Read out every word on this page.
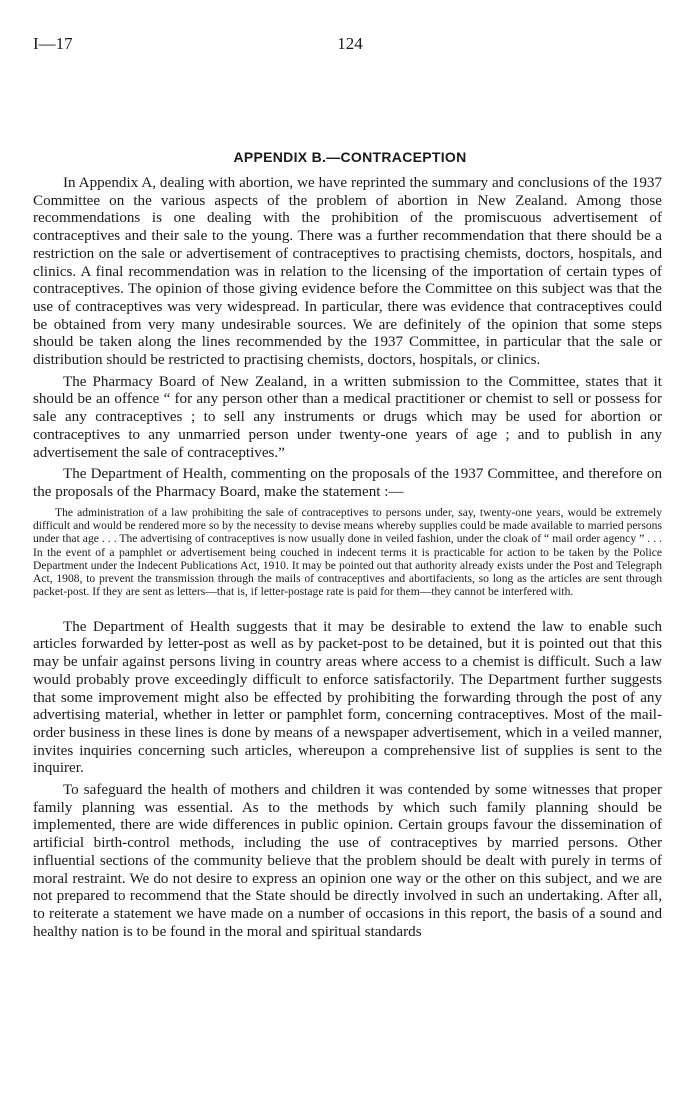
I—17	124
APPENDIX B.—CONTRACEPTION

In Appendix A, dealing with abortion, we have reprinted the summary and conclusions of the 1937 Committee on the various aspects of the problem of abortion in New Zealand. Among those recommendations is one dealing with the prohibition of the promiscuous advertisement of contraceptives and their sale to the young. There was a further recommendation that there should be a restriction on the sale or advertisement of contraceptives to practising chemists, doctors, hospitals, and clinics. A final recommendation was in relation to the licensing of the importation of certain types of contraceptives. The opinion of those giving evidence before the Committee on this subject was that the use of contraceptives was very widespread. In particular, there was evidence that contraceptives could be obtained from very many undesirable sources. We are definitely of the opinion that some steps should be taken along the lines recommended by the 1937 Committee, in particular that the sale or distribution should be restricted to practising chemists, doctors, hospitals, or clinics.

The Pharmacy Board of New Zealand, in a written submission to the Committee, states that it should be an offence “ for any person other than a medical practitioner or chemist to sell or possess for sale any contraceptives ; to sell any instruments or drugs which may be used for abortion or contraceptives to any unmarried person under twenty-one years of age ; and to publish in any advertisement the sale of contraceptives.”

The Department of Health, commenting on the proposals of the 1937 Committee, and therefore on the proposals of the Pharmacy Board, make the statement :—

The administration of a law prohibiting the sale of contraceptives to persons under, say, twenty-one years, would be extremely difficult and would be rendered more so by the necessity to devise means whereby supplies could be made available to married persons under that age . . . The advertising of contraceptives is now usually done in veiled fashion, under the cloak of “ mail order agency ” . . . In the event of a pamphlet or advertisement being couched in indecent terms it is practicable for action to be taken by the Police Department under the Indecent Publications Act, 1910. It may be pointed out that authority already exists under the Post and Telegraph Act, 1908, to prevent the transmission through the mails of contraceptives and abortifacients, so long as the articles are sent through packet-post. If they are sent as letters—that is, if letter-postage rate is paid for them—they cannot be interfered with.

The Department of Health suggests that it may be desirable to extend the law to enable such articles forwarded by letter-post as well as by packet-post to be detained, but it is pointed out that this may be unfair against persons living in country areas where access to a chemist is difficult. Such a law would probably prove exceedingly difficult to enforce satisfactorily. The Department further suggests that some improvement might also be effected by prohibiting the forwarding through the post of any advertising material, whether in letter or pamphlet form, concerning contraceptives. Most of the mail-order business in these lines is done by means of a newspaper advertisement, which in a veiled manner, invites inquiries concerning such articles, whereupon a comprehensive list of supplies is sent to the inquirer.

To safeguard the health of mothers and children it was contended by some witnesses that proper family planning was essential. As to the methods by which such family planning should be implemented, there are wide differences in public opinion. Certain groups favour the dissemination of artificial birth-control methods, including the use of contraceptives by married persons. Other influential sections of the community believe that the problem should be dealt with purely in terms of moral restraint. We do not desire to express an opinion one way or the other on this subject, and we are not prepared to recommend that the State should be directly involved in such an undertaking. After all, to reiterate a statement we have made on a number of occasions in this report, the basis of a sound and healthy nation is to be found in the moral and spiritual standards
